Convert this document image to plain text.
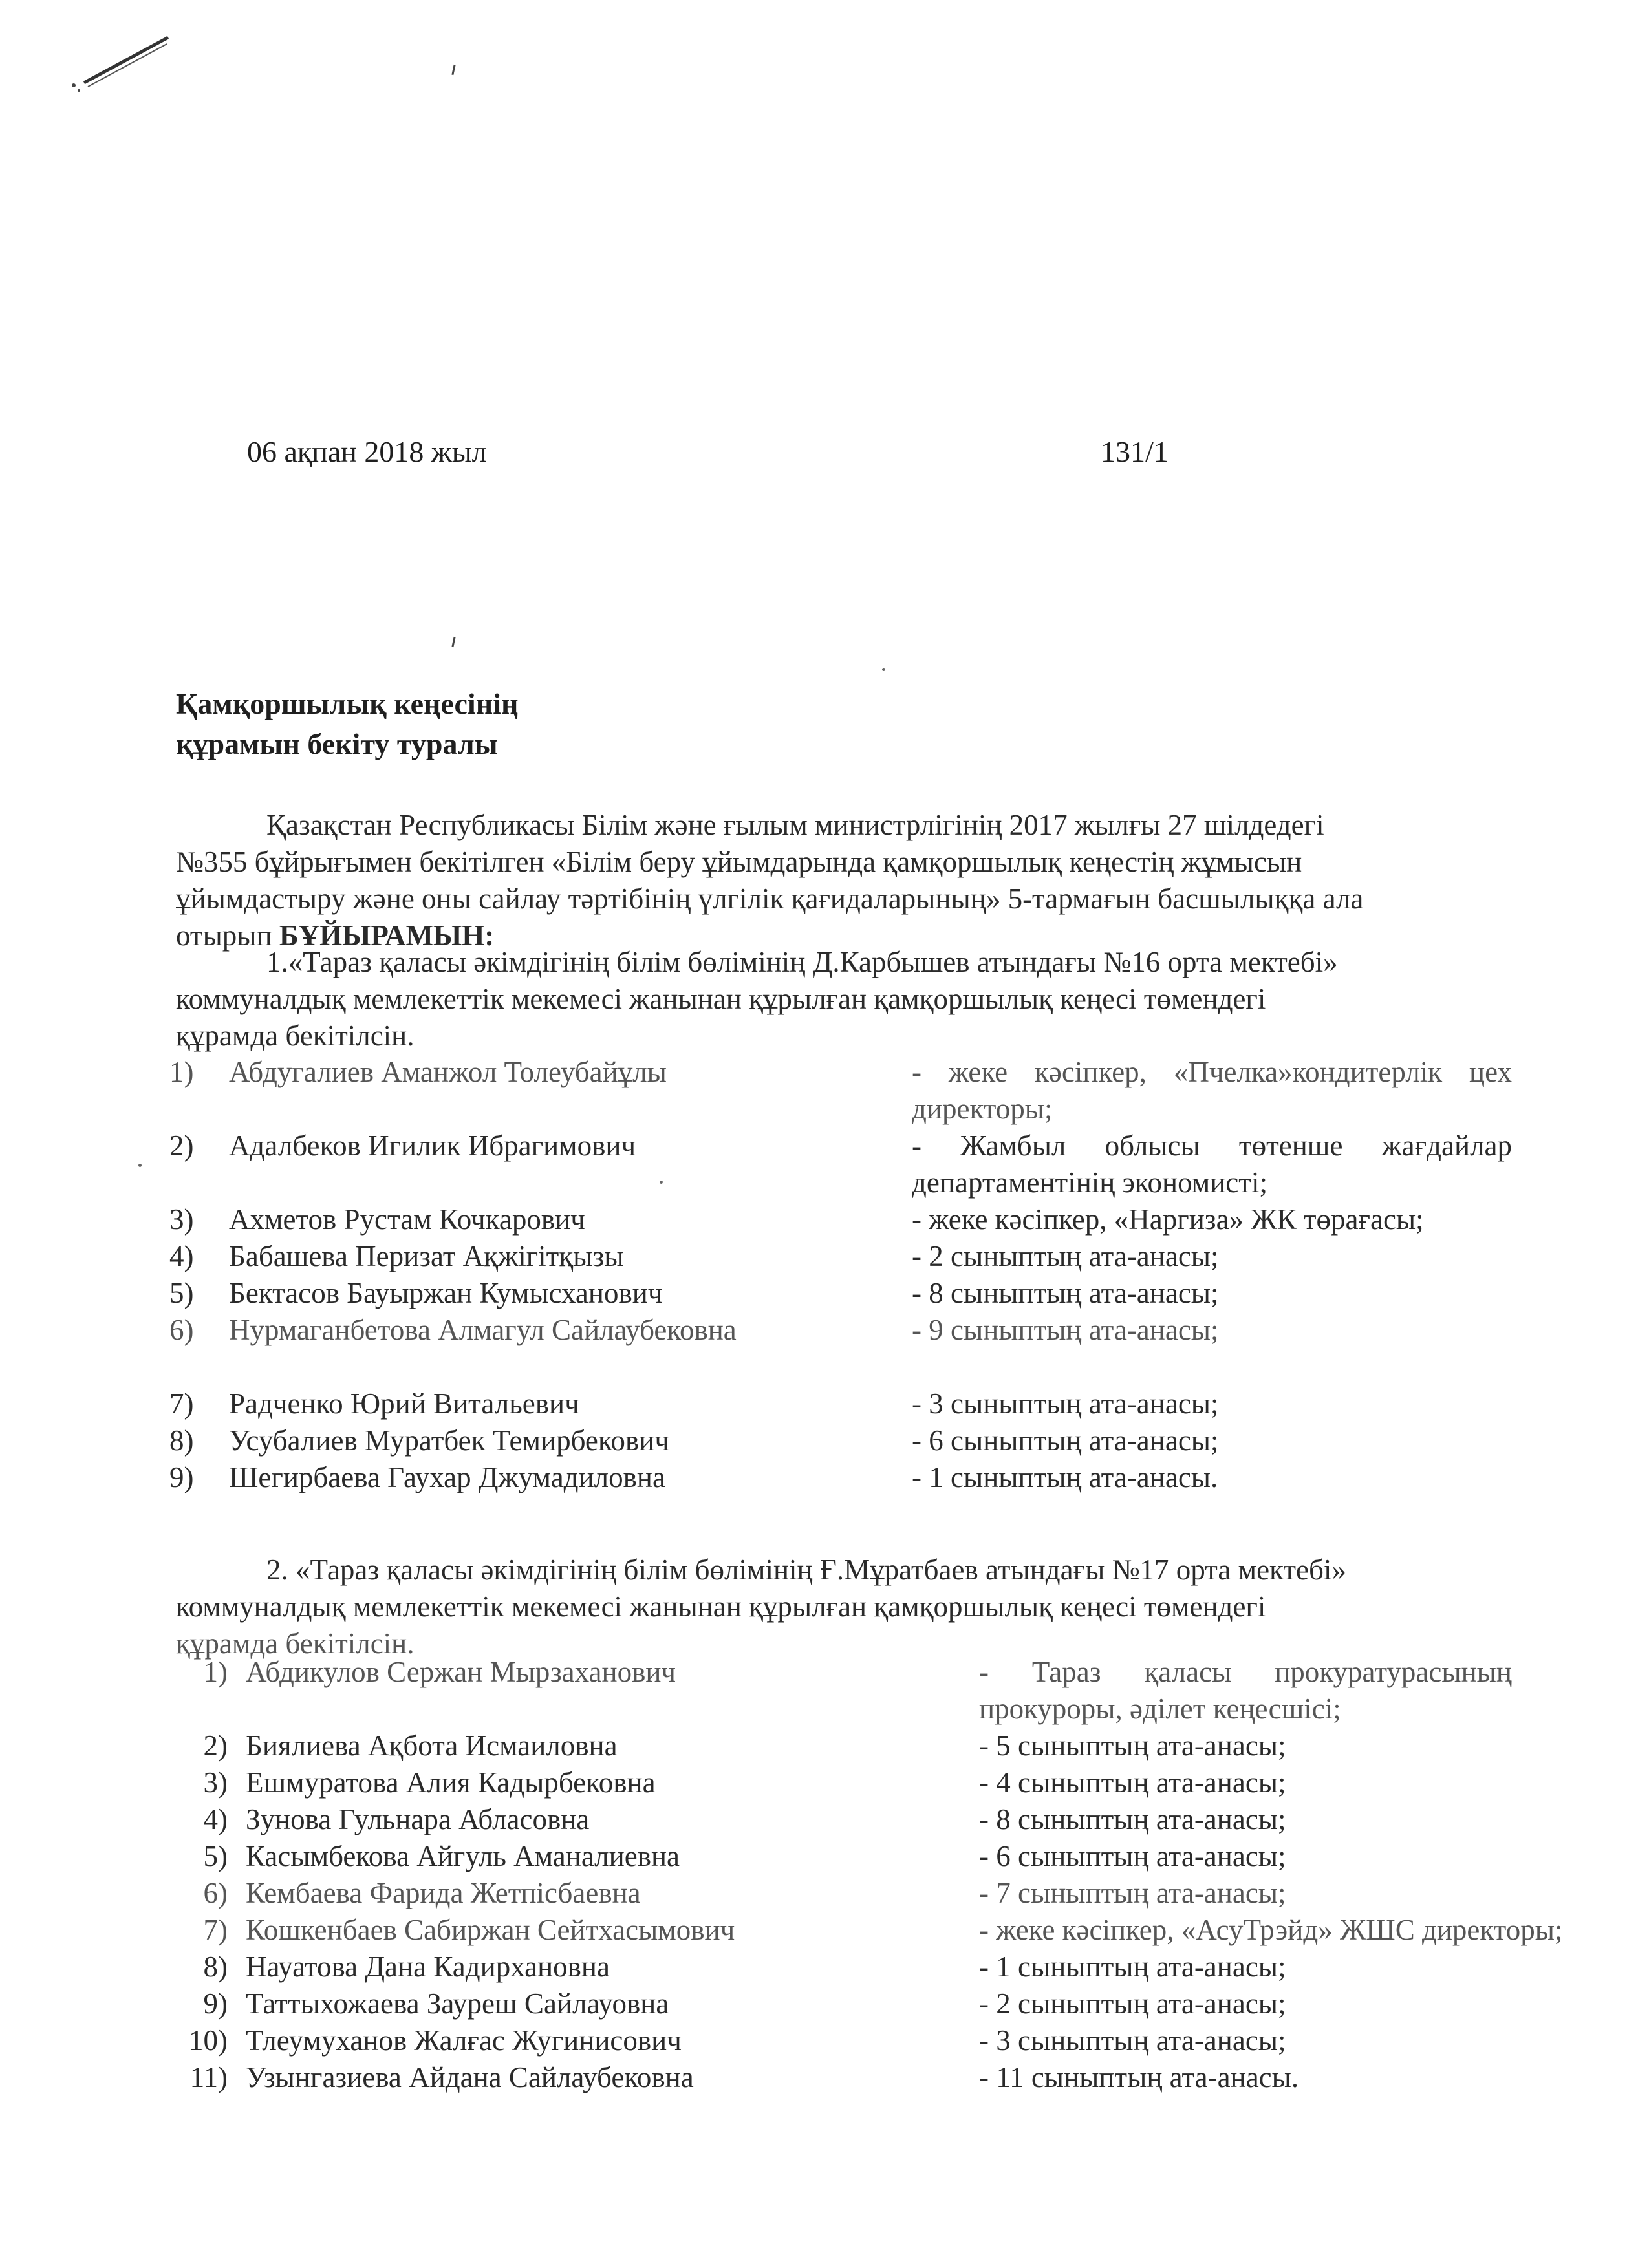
06 ақпан 2018 жыл	131/1
Қамқоршылық кеңесінің
құрамын бекіту туралы
Қазақстан Республикасы Білім және ғылым министрлігінің 2017 жылғы 27 шілдедегі
№355 бұйрығымен бекітілген «Білім беру ұйымдарында қамқоршылық кеңестің жұмысын
ұйымдастыру және оны сайлау тәртібінің үлгілік қағидаларының» 5-тармағын басшылыққа ала
отырып БҰЙЫРАМЫН:
1.«Тараз қаласы әкімдігінің білім бөлімінің Д.Карбышев атындағы №16 орта мектебі»
коммуналдық мемлекеттік мекемесі жанынан құрылған қамқоршылық кеңесі төмендегі
құрамда бекітілсін.
1)	Абдугалиев Аманжол Толеубайұлы	- жеке кәсіпкер, «Пчелка»кондитерлік цех директоры;
2)	Адалбеков Игилик Ибрагимович	- Жамбыл облысы төтенше жағдайлар департаментінің экономисті;
3)	Ахметов Рустам Кочкарович	- жеке кәсіпкер, «Наргиза» ЖК төрағасы;
4)	Бабашева Перизат Ақжігітқызы	- 2 сыныптың ата-анасы;
5)	Бектасов Бауыржан Кумысханович	- 8 сыныптың ата-анасы;
6)	Нурмаганбетова Алмагул Сайлаубековна	- 9 сыныптың ата-анасы;
7)	Радченко Юрий Витальевич	- 3 сыныптың ата-анасы;
8)	Усубалиев Муратбек Темирбекович	- 6 сыныптың ата-анасы;
9)	Шегирбаева Гаухар Джумадиловна	- 1 сыныптың ата-анасы.
2. «Тараз қаласы әкімдігінің білім бөлімінің Ғ.Мұратбаев атындағы №17 орта мектебі»
коммуналдық мемлекеттік мекемесі жанынан құрылған қамқоршылық кеңесі төмендегі
құрамда бекітілсін.
1) Абдикулов Сержан Мырзаханович	- Тараз қаласы прокуратурасының прокуроры, әділет кеңесшісі;
2) Биялиева Ақбота Исмаиловна	- 5 сыныптың ата-анасы;
3) Ешмуратова Алия Кадырбековна	- 4 сыныптың ата-анасы;
4) Зунова Гульнара Абласовна	- 8 сыныптың ата-анасы;
5) Касымбекова Айгуль Аманалиевна	- 6 сыныптың ата-анасы;
6) Кембаева Фарида Жетпісбаевна	- 7 сыныптың ата-анасы;
7) Кошкенбаев Сабиржан Сейтхасымович	- жеке кәсіпкер, «АсуТрэйд» ЖШС директоры;
8) Науатова Дана Кадирхановна	- 1 сыныптың ата-анасы;
9) Таттыхожаева Зауреш Сайлауовна	- 2 сыныптың ата-анасы;
10) Тлеумуханов Жалғас Жугинисович	- 3 сыныптың ата-анасы;
11) Узынгазиева Айдана Сайлаубековна	- 11 сыныптың ата-анасы.
